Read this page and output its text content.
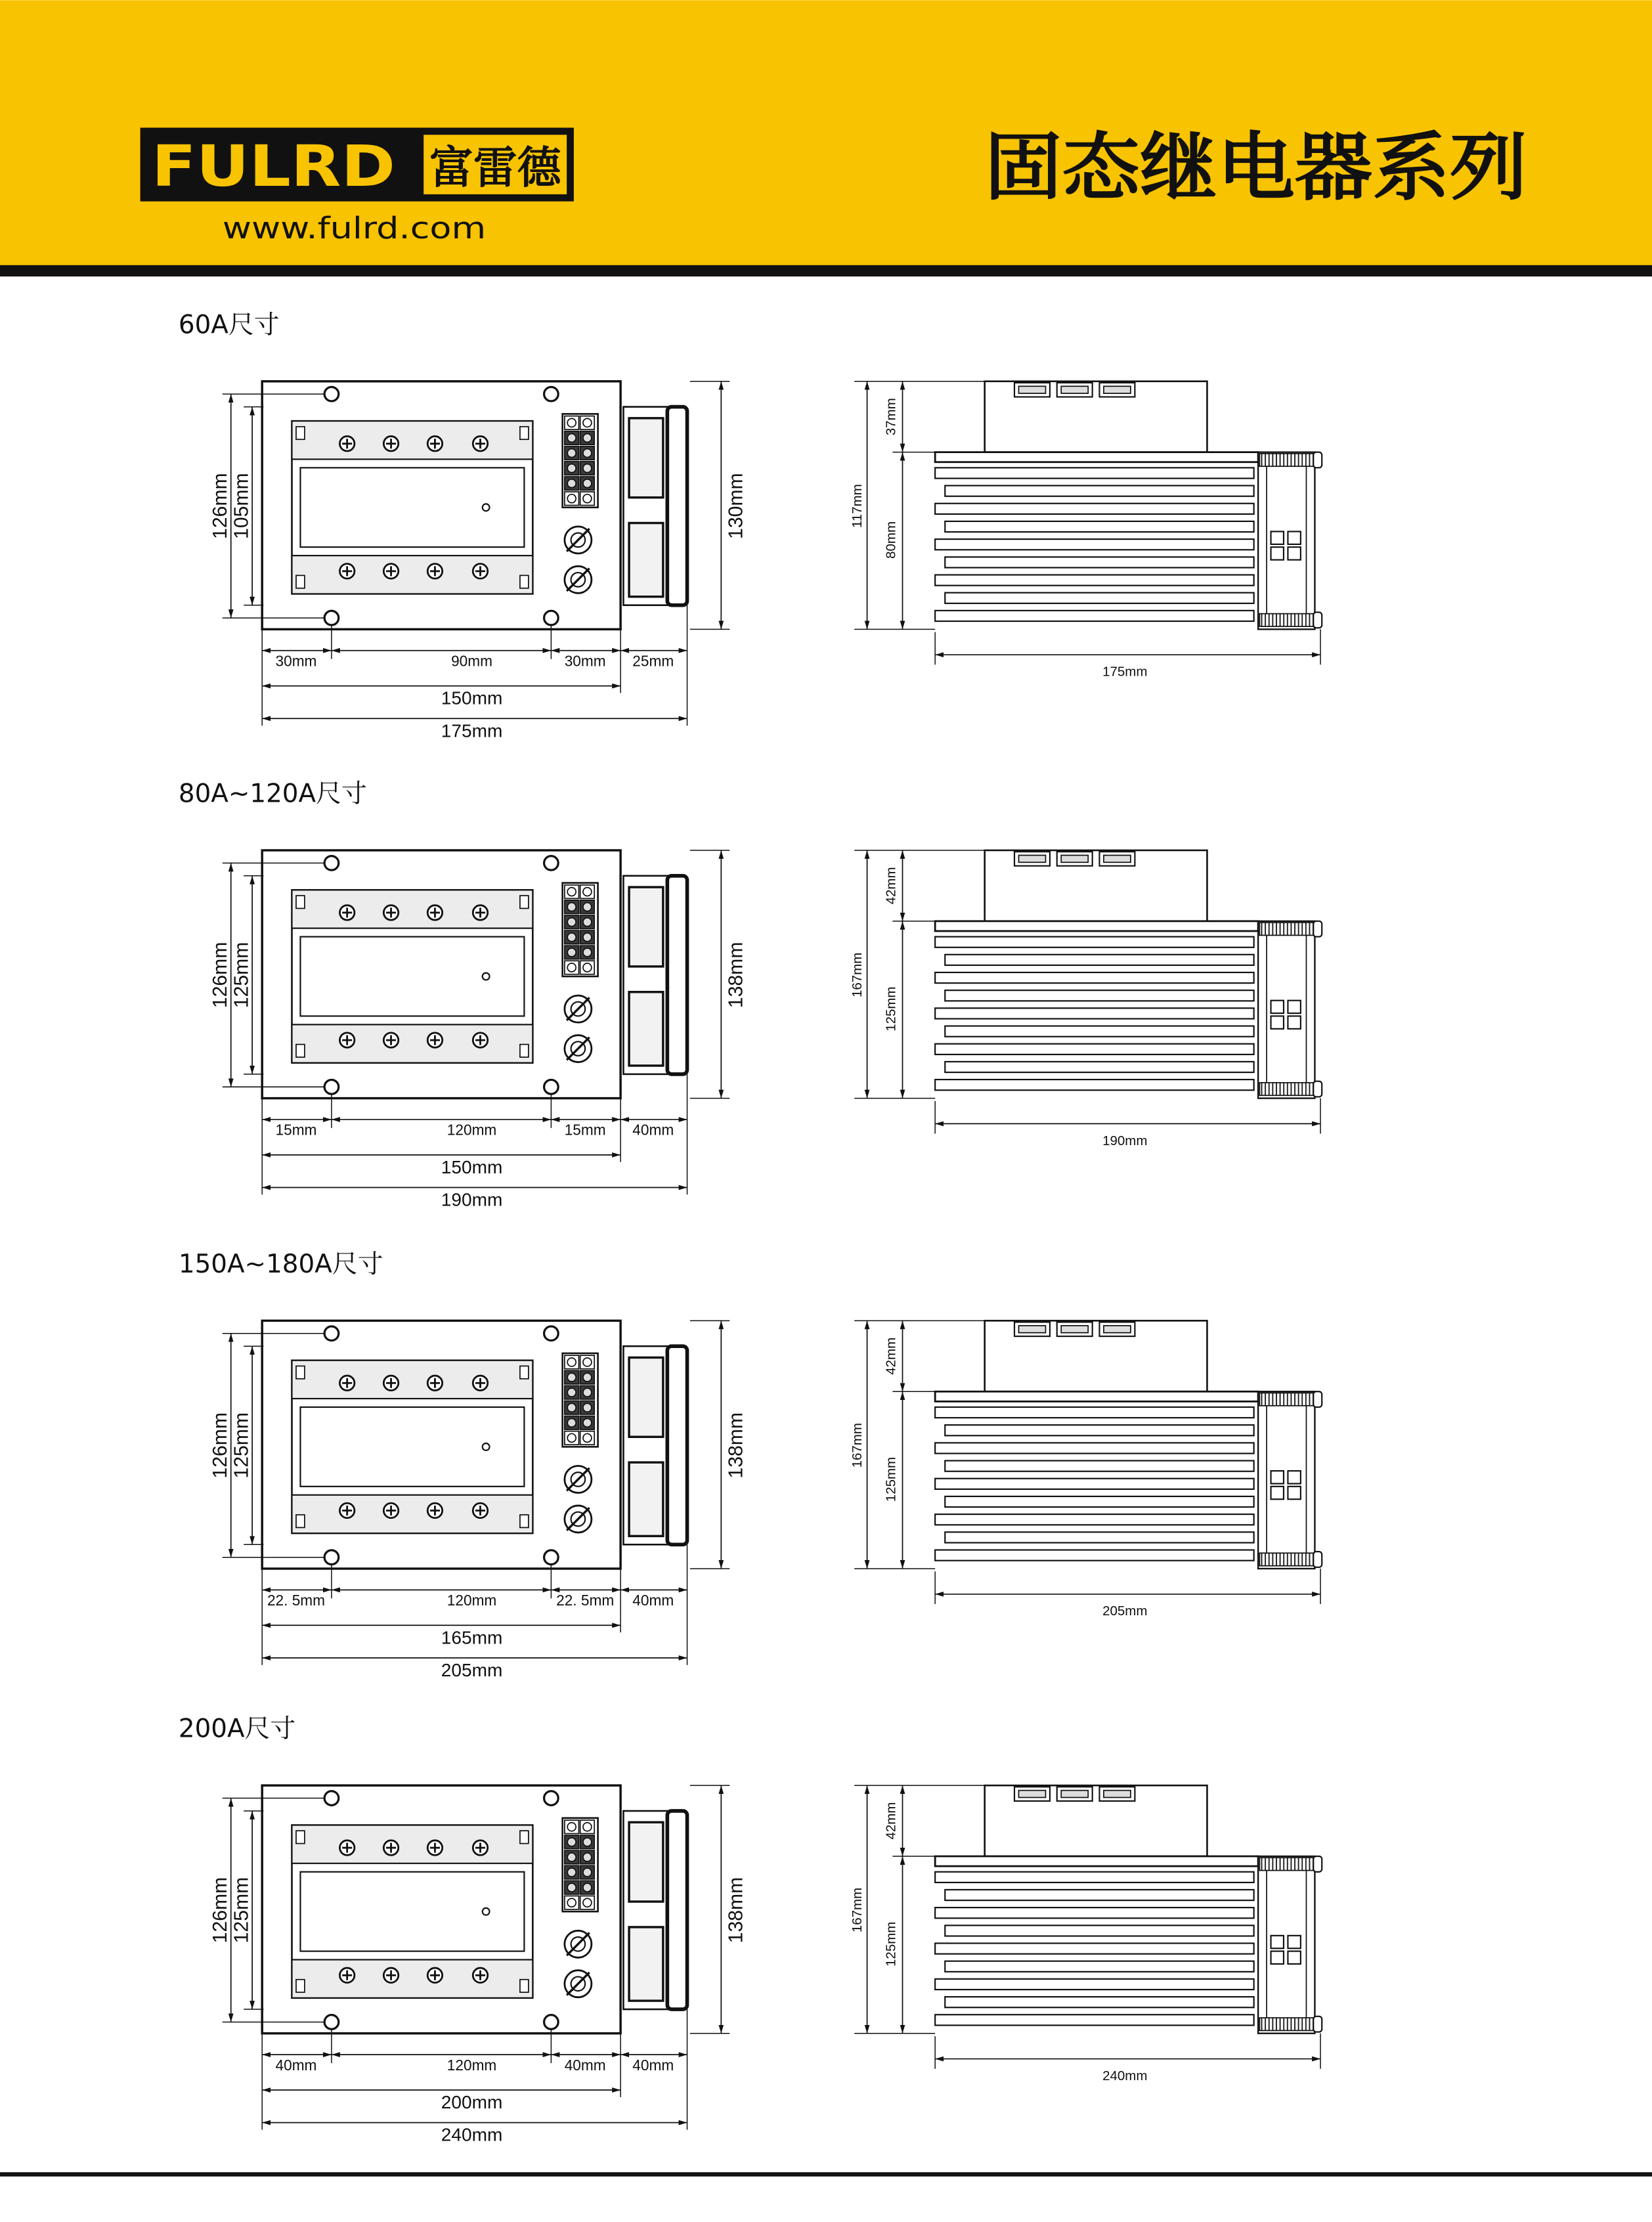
FULRD 富雷德
www.fulrd.com
固态继电器系列
60A尺寸
126mm 105mm	130mm
30mm	90mm	30mm	25mm
150mm
175mm
117mm
37mm
80mm
175mm
80A~120A尺寸
126mm 125mm	138mm
15mm	120mm	15mm	40mm
150mm
190mm
167mm
42mm
125mm
190mm
150A~180A尺寸
126mm 125mm	138mm
22. 5mm	120mm	22. 5mm	40mm
165mm
205mm
167mm
42mm
125mm
205mm
200A尺寸
126mm 125mm	138mm
40mm	120mm	40mm	40mm
200mm
240mm
167mm
42mm
125mm
240mm
